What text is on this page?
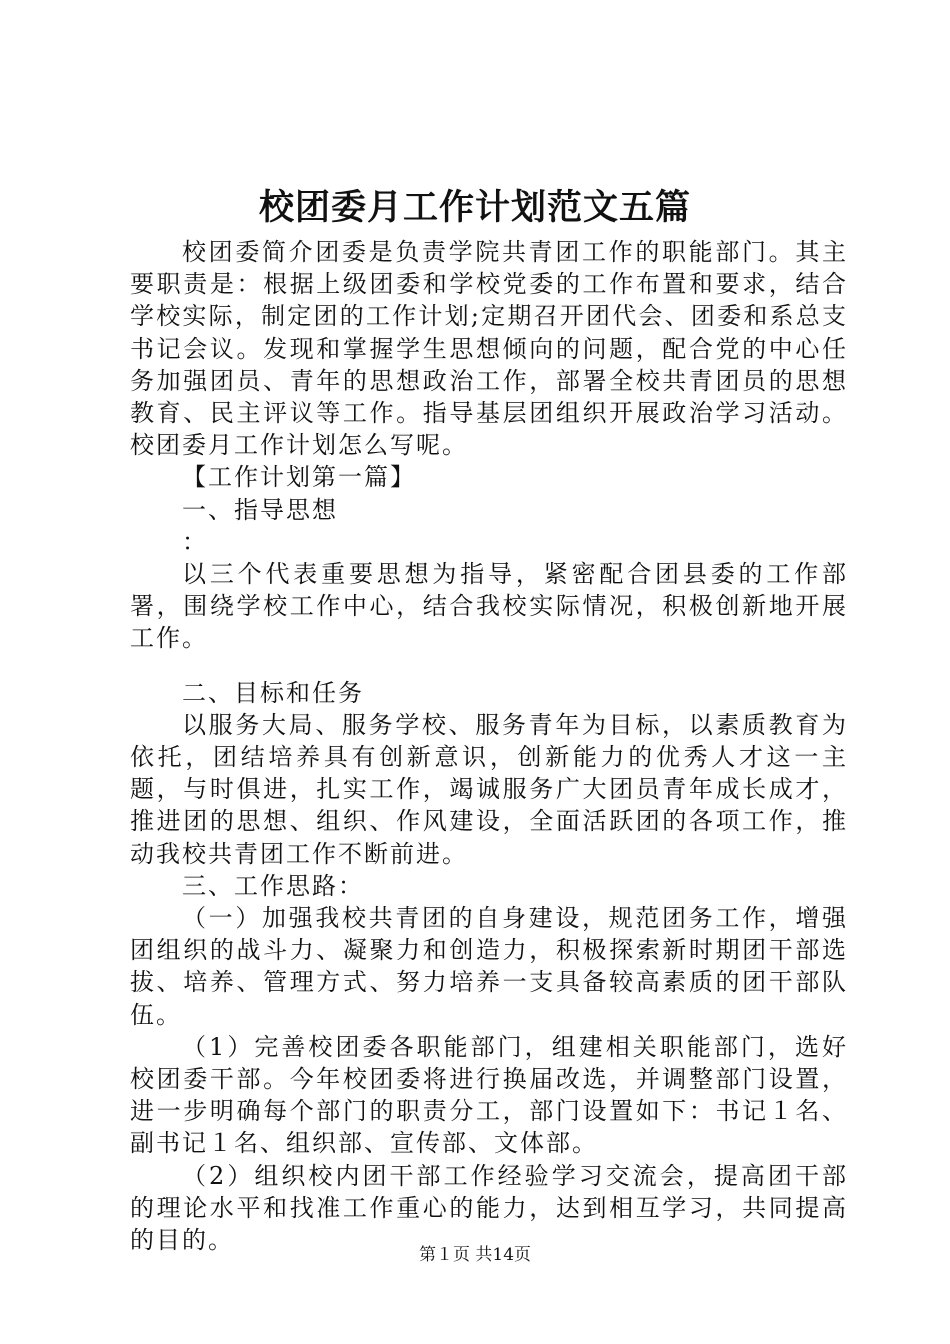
校团委月工作计划范文五篇

校团委简介团委是负责学院共青团工作的职能部门。其主要职责是：根据上级团委和学校党委的工作布置和要求，结合学校实际，制定团的工作计划;定期召开团代会、团委和系总支书记会议。发现和掌握学生思想倾向的问题，配合党的中心任务加强团员、青年的思想政治工作，部署全校共青团员的思想教育、民主评议等工作。指导基层团组织开展政治学习活动。校团委月工作计划怎么写呢。

【工作计划第一篇】

一、指导思想

：

以三个代表重要思想为指导，紧密配合团县委的工作部署，围绕学校工作中心，结合我校实际情况，积极创新地开展工作。

二、目标和任务

以服务大局、服务学校、服务青年为目标，以素质教育为依托，团结培养具有创新意识，创新能力的优秀人才这一主题，与时俱进，扎实工作，竭诚服务广大团员青年成长成才，推进团的思想、组织、作风建设，全面活跃团的各项工作，推动我校共青团工作不断前进。

三、工作思路：

（一）加强我校共青团的自身建设，规范团务工作，增强团组织的战斗力、凝聚力和创造力，积极探索新时期团干部选拔、培养、管理方式、努力培养一支具备较高素质的团干部队伍。

（1）完善校团委各职能部门，组建相关职能部门，选好校团委干部。今年校团委将进行换届改选，并调整部门设置，进一步明确每个部门的职责分工，部门设置如下：书记１名、副书记１名、组织部、宣传部、文体部。

（2）组织校内团干部工作经验学习交流会，提高团干部的理论水平和找准工作重心的能力，达到相互学习，共同提高的目的。

第１页 共14页
